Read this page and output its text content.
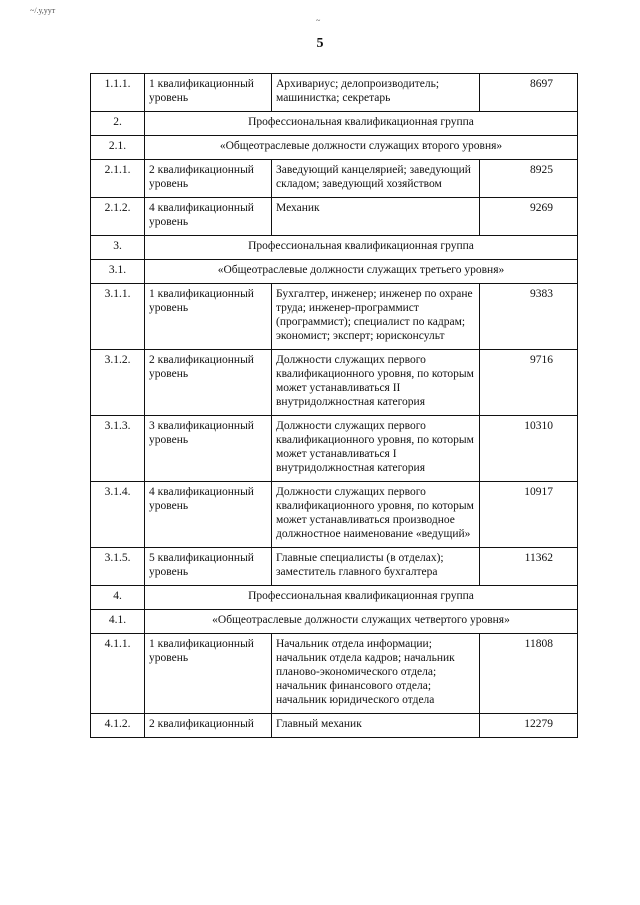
~/.у,уут
~
5
1.1.1.	1 квалификационный уровень	Архивариус; делопроизводитель; машинистка; секретарь	8697
2.	Профессиональная квалификационная группа		
2.1.	«Общеотраслевые должности служащих второго уровня»		
2.1.1.	2 квалификационный уровень	Заведующий канцелярией; заведующий складом; заведующий хозяйством	8925
2.1.2.	4 квалификационный уровень	Механик	9269
3.	Профессиональная квалификационная группа		
3.1.	«Общеотраслевые должности служащих третьего уровня»		
3.1.1.	1 квалификационный уровень	Бухгалтер, инженер; инженер по охране труда; инженер-программист (программист); специалист по кадрам; экономист; эксперт; юрисконсульт	9383
3.1.2.	2 квалификационный уровень	Должности служащих первого квалификационного уровня, по которым может устанавливаться II внутридолжностная категория	9716
3.1.3.	3 квалификационный уровень	Должности служащих первого квалификационного уровня, по которым может устанавливаться I внутридолжностная категория	10310
3.1.4.	4 квалификационный уровень	Должности служащих первого квалификационного уровня, по которым может устанавливаться производное должностное наименование «ведущий»	10917
3.1.5.	5 квалификационный уровень	Главные специалисты (в отделах); заместитель главного бухгалтера	11362
4.	Профессиональная квалификационная группа		
4.1.	«Общеотраслевые должности служащих четвертого уровня»		
4.1.1.	1 квалификационный уровень	Начальник отдела информации; начальник отдела кадров; начальник планово-экономического отдела; начальник финансового отдела; начальник юридического отдела	11808
4.1.2.	2 квалификационный	Главный механик	12279
